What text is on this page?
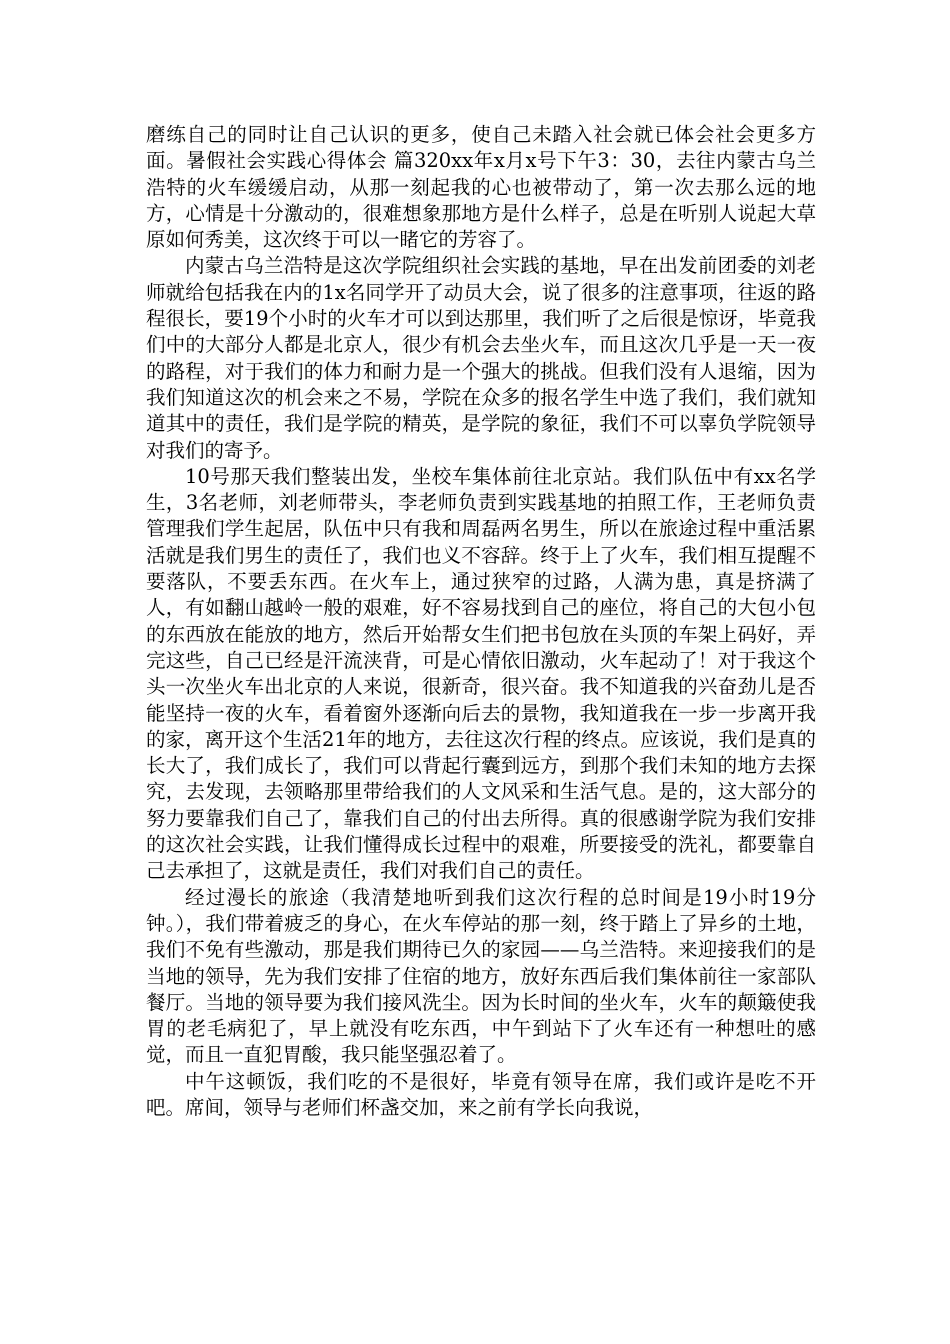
磨练自己的同时让自己认识的更多，使自己未踏入社会就已体会社会更多方面。暑假社会实践心得体会 篇320xx年x月x号下午3：30，去往内蒙古乌兰浩特的火车缓缓启动，从那一刻起我的心也被带动了，第一次去那么远的地方，心情是十分激动的，很难想象那地方是什么样子，总是在听别人说起大草原如何秀美，这次终于可以一睹它的芳容了。

内蒙古乌兰浩特是这次学院组织社会实践的基地，早在出发前团委的刘老师就给包括我在内的1x名同学开了动员大会，说了很多的注意事项，往返的路程很长，要19个小时的火车才可以到达那里，我们听了之后很是惊讶，毕竟我们中的大部分人都是北京人，很少有机会去坐火车，而且这次几乎是一天一夜的路程，对于我们的体力和耐力是一个强大的挑战。但我们没有人退缩，因为我们知道这次的机会来之不易，学院在众多的报名学生中选了我们，我们就知道其中的责任，我们是学院的精英，是学院的象征，我们不可以辜负学院领导对我们的寄予。

10号那天我们整装出发，坐校车集体前往北京站。我们队伍中有xx名学生，3名老师，刘老师带头，李老师负责到实践基地的拍照工作，王老师负责管理我们学生起居，队伍中只有我和周磊两名男生，所以在旅途过程中重活累活就是我们男生的责任了，我们也义不容辞。终于上了火车，我们相互提醒不要落队，不要丢东西。在火车上，通过狭窄的过路，人满为患，真是挤满了人，有如翻山越岭一般的艰难，好不容易找到自己的座位，将自己的大包小包的东西放在能放的地方，然后开始帮女生们把书包放在头顶的车架上码好，弄完这些，自己已经是汗流浃背，可是心情依旧激动，火车起动了！对于我这个头一次坐火车出北京的人来说，很新奇，很兴奋。我不知道我的兴奋劲儿是否能坚持一夜的火车，看着窗外逐渐向后去的景物，我知道我在一步一步离开我的家，离开这个生活21年的地方，去往这次行程的终点。应该说，我们是真的长大了，我们成长了，我们可以背起行囊到远方，到那个我们未知的地方去探究，去发现，去领略那里带给我们的人文风采和生活气息。是的，这大部分的努力要靠我们自己了，靠我们自己的付出去所得。真的很感谢学院为我们安排的这次社会实践，让我们懂得成长过程中的艰难，所要接受的洗礼，都要靠自己去承担了，这就是责任，我们对我们自己的责任。

经过漫长的旅途（我清楚地听到我们这次行程的总时间是19小时19分钟。），我们带着疲乏的身心，在火车停站的那一刻，终于踏上了异乡的土地，我们不免有些激动，那是我们期待已久的家园——乌兰浩特。来迎接我们的是当地的领导，先为我们安排了住宿的地方，放好东西后我们集体前往一家部队餐厅。当地的领导要为我们接风洗尘。因为长时间的坐火车，火车的颠簸使我胃的老毛病犯了，早上就没有吃东西，中午到站下了火车还有一种想吐的感觉，而且一直犯胃酸，我只能坚强忍着了。

中午这顿饭，我们吃的不是很好，毕竟有领导在席，我们或许是吃不开吧。席间，领导与老师们杯盏交加，来之前有学长向我说，
